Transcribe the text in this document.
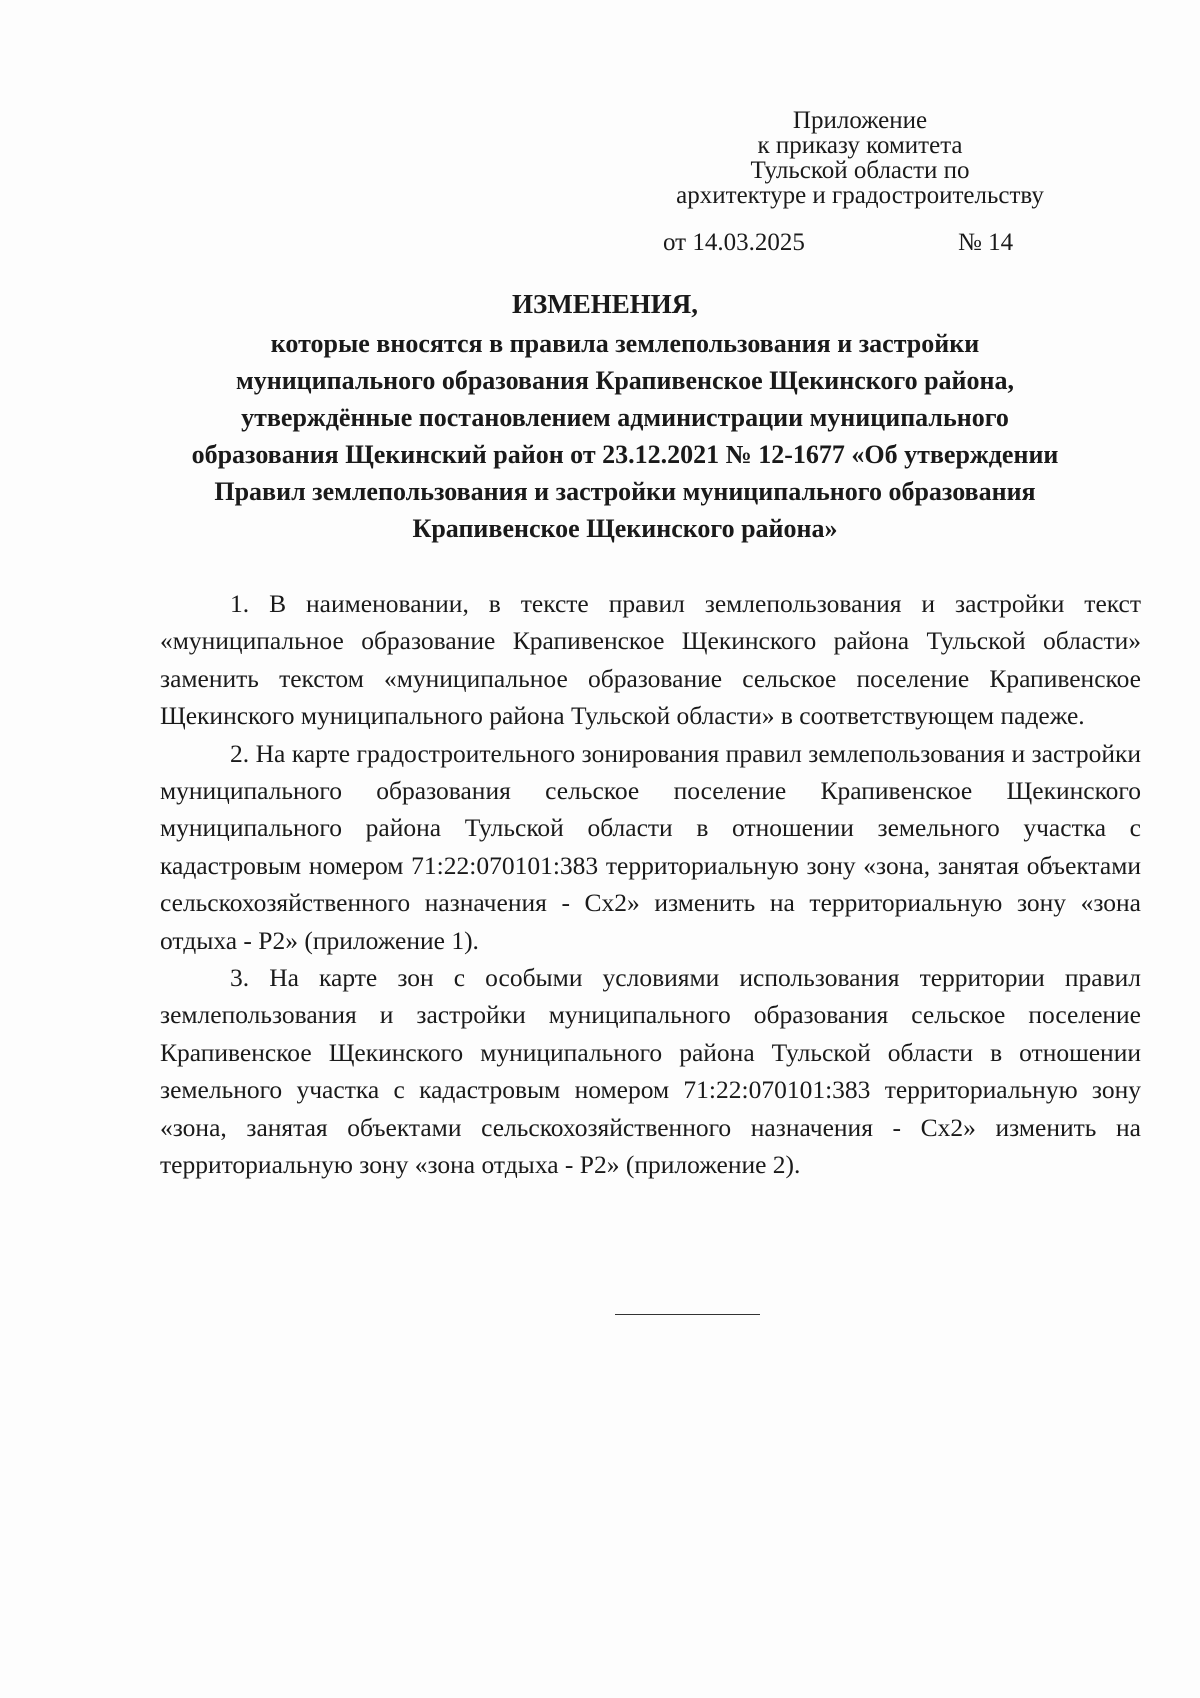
Приложение
к приказу комитета
Тульской области по
архитектуре и градостроительству
от 14.03.2025	№ 14
ИЗМЕНЕНИЯ,
которые вносятся в правила землепользования и застройки
муниципального образования Крапивенское Щекинского района,
утверждённые постановлением администрации муниципального
образования Щекинский район от 23.12.2021 № 12-1677 «Об утверждении
Правил землепользования и застройки муниципального образования
Крапивенское Щекинского района»

1. В наименовании, в тексте правил землепользования и застройки текст «муниципальное образование Крапивенское Щекинского района Тульской области» заменить текстом «муниципальное образование сельское поселение Крапивенское Щекинского муниципального района Тульской области» в соответствующем падеже.

2. На карте градостроительного зонирования правил землепользования и застройки муниципального образования сельское поселение Крапивенское Щекинского муниципального района Тульской области в отношении земельного участка с кадастровым номером 71:22:070101:383 территориальную зону «зона, занятая объектами сельскохозяйственного назначения - Сх2» изменить на территориальную зону «зона отдыха - Р2» (приложение 1).

3. На карте зон с особыми условиями использования территории правил землепользования и застройки муниципального образования сельское поселение Крапивенское Щекинского муниципального района Тульской области в отношении земельного участка с кадастровым номером 71:22:070101:383 территориальную зону «зона, занятая объектами сельскохозяйственного назначения - Сх2» изменить на территориальную зону «зона отдыха - Р2» (приложение 2).
